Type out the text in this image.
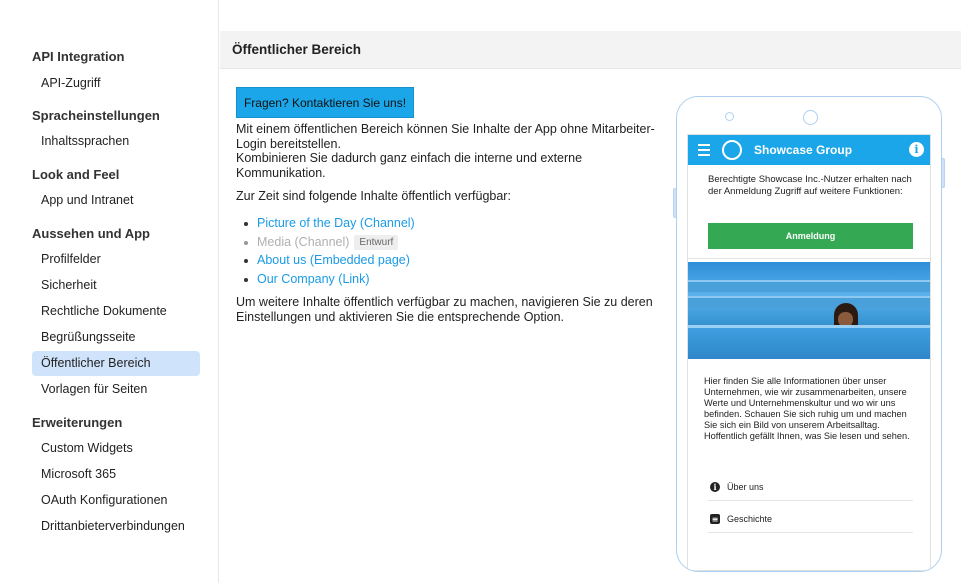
API Integration
API-Zugriff
Spracheinstellungen
Inhaltssprachen
Look and Feel
App und Intranet
Aussehen und App
Profilfelder
Sicherheit
Rechtliche Dokumente
Begrüßungsseite
Öffentlicher Bereich
Vorlagen für Seiten
Erweiterungen
Custom Widgets
Microsoft 365
OAuth Konfigurationen
Drittanbieterverbindungen
Öffentlicher Bereich
Fragen? Kontaktieren Sie uns!

Mit einem öffentlichen Bereich können Sie Inhalte der App ohne Mitarbeiter-Login bereitstellen.

Kombinieren Sie dadurch ganz einfach die interne und externe Kommunikation.

Zur Zeit sind folgende Inhalte öffentlich verfügbar:

Picture of the Day (Channel)
Media (Channel) Entwurf
About us (Embedded page)
Our Company (Link)

Um weitere Inhalte öffentlich verfügbar zu machen, navigieren Sie zu deren Einstellungen und aktivieren Sie die entsprechende Option.

Showcase Group	i

Berechtigte Showcase Inc.-Nutzer erhalten nach der Anmeldung Zugriff auf weitere Funktionen:

Anmeldung

Hier finden Sie alle Informationen über unser Unternehmen, wie wir zusammenarbeiten, unsere Werte und Unternehmenskultur und wo wir uns befinden. Schauen Sie sich ruhig um und machen Sie sich ein Bild von unserem Arbeitsalltag. Hoffentlich gefällt Ihnen, was Sie lesen und sehen.

i	Über uns
≡ Geschichte
